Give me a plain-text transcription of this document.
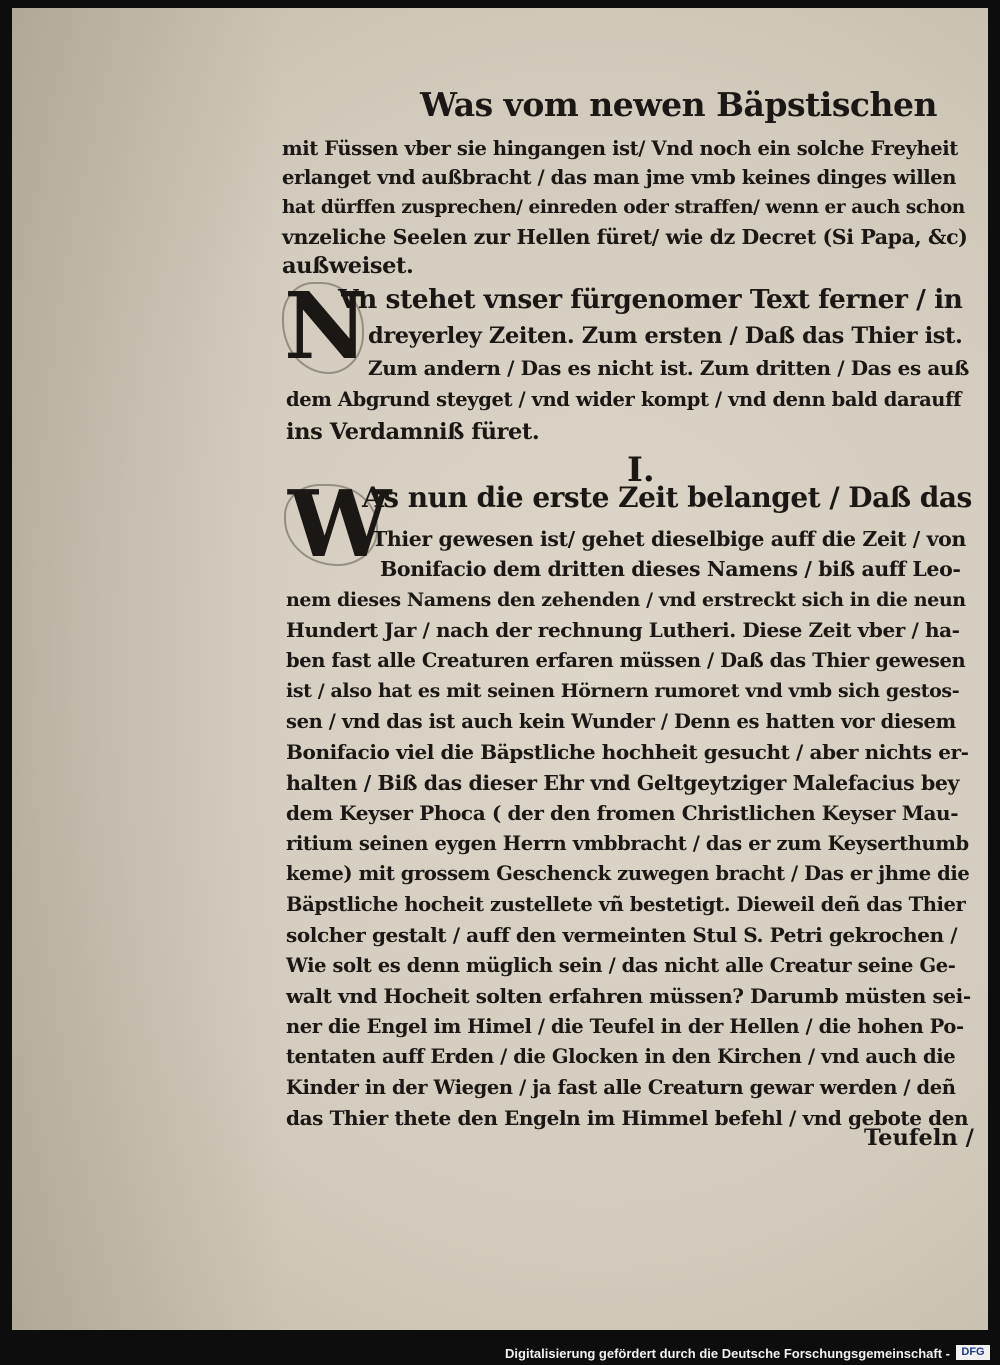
Was vom newen Bäpstischen
mit Füssen vber sie hingangen ist/ Vnd noch ein solche Freyheit
erlanget vnd außbracht / das man jme vmb keines dinges willen
hat dürffen zusprechen/ einreden oder straffen/ wenn er auch schon
vnzeliche Seelen zur Hellen füret/ wie dz Decret (Si Papa, &c)
außweiset.
N
Vn stehet vnser fürgenomer Text ferner / in
dreyerley Zeiten. Zum ersten / Daß das Thier ist.
Zum andern / Das es nicht ist. Zum dritten / Das es auß
dem Abgrund steyget / vnd wider kompt / vnd denn bald darauff
ins Verdamniß füret.
I.
W
As nun die erste Zeit belanget / Daß das
Thier gewesen ist/ gehet dieselbige auff die Zeit / von
Bonifacio dem dritten dieses Namens / biß auff Leo-
nem dieses Namens den zehenden / vnd erstreckt sich in die neun
Hundert Jar / nach der rechnung Lutheri. Diese Zeit vber / ha-
ben fast alle Creaturen erfaren müssen / Daß das Thier gewesen
ist / also hat es mit seinen Hörnern rumoret vnd vmb sich gestos-
sen / vnd das ist auch kein Wunder / Denn es hatten vor diesem
Bonifacio viel die Bäpstliche hochheit gesucht / aber nichts er-
halten / Biß das dieser Ehr vnd Geltgeytziger Malefacius bey
dem Keyser Phoca ( der den fromen Christlichen Keyser Mau-
ritium seinen eygen Herrn vmbbracht / das er zum Keyserthumb
keme) mit grossem Geschenck zuwegen bracht / Das er jhme die
Bäpstliche hocheit zustellete vñ bestetigt. Dieweil deñ das Thier
solcher gestalt / auff den vermeinten Stul S. Petri gekrochen /
Wie solt es denn müglich sein / das nicht alle Creatur seine Ge-
walt vnd Hocheit solten erfahren müssen? Darumb müsten sei-
ner die Engel im Himel / die Teufel in der Hellen / die hohen Po-
tentaten auff Erden / die Glocken in den Kirchen / vnd auch die
Kinder in der Wiegen / ja fast alle Creaturn gewar werden / deñ
das Thier thete den Engeln im Himmel befehl / vnd gebote den
Teufeln /
Digitalisierung gefördert durch die Deutsche Forschungsgemeinschaft -	DFG
